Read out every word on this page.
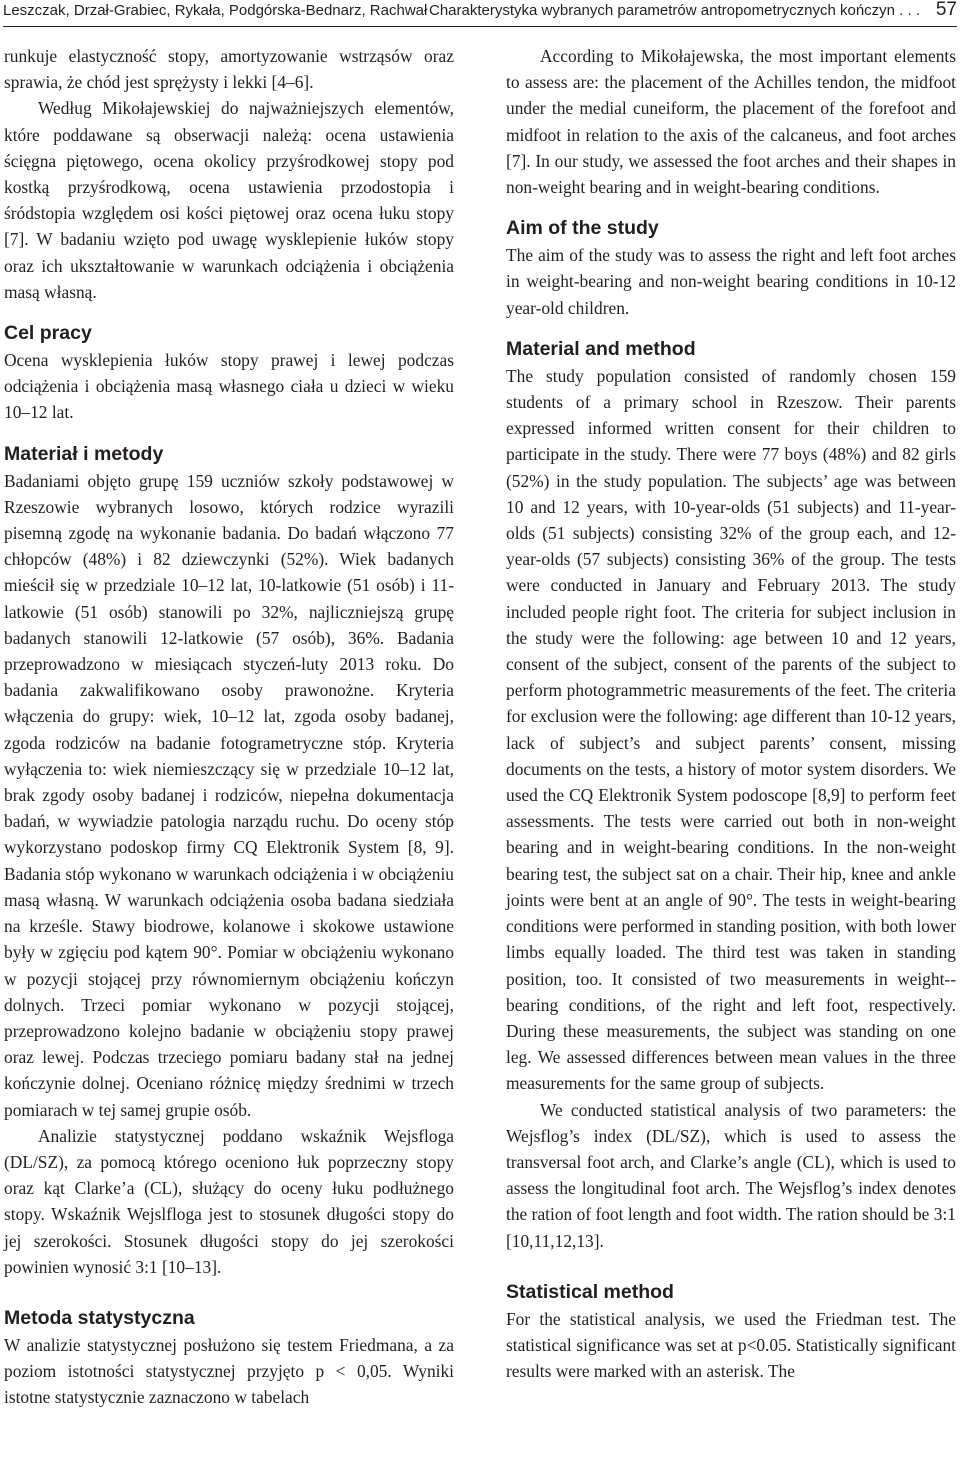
Leszczak, Drzał-Grabiec, Rykała, Podgórska-Bednarz, Rachwał Charakterystyka wybranych parametrów antropometrycznych kończyn . . . 57

runkuje elastyczność stopy, amortyzowanie wstrząsów oraz sprawia, że chód jest sprężysty i lekki [4‒6].

Według Mikołajewskiej do najważniejszych elementów, które poddawane są obserwacji należą: ocena ustawienia ścięgna piętowego, ocena okolicy przyśrodkowej stopy pod kostką przyśrodkową, ocena ustawienia przodostopia i śródstopia względem osi kości piętowej oraz ocena łuku stopy [7]. W badaniu wzięto pod uwagę wysklepienie łuków stopy oraz ich ukształtowanie w warunkach odciążenia i obciążenia masą własną.

Cel pracy

Ocena wysklepienia łuków stopy prawej i lewej podczas odciążenia i obciążenia masą własnego ciała u dzieci w wieku 10‒12 lat.

Materiał i metody

Badaniami objęto grupę 159 uczniów szkoły podstawowej w Rzeszowie wybranych losowo, których rodzice wyrazili pisemną zgodę na wykonanie badania. Do badań włączono 77 chłopców (48%) i 82 dziewczynki (52%). Wiek badanych mieścił się w przedziale 10‒12 lat, 10-latkowie (51 osób) i 11-latkowie (51 osób) stanowili po 32%, najliczniejszą grupę badanych stanowili 12-latkowie (57 osób), 36%. Badania przeprowadzono w miesiącach styczeń-luty 2013 roku. Do badania zakwalifikowano osoby prawonożne. Kryteria włączenia do grupy: wiek, 10‒12 lat, zgoda osoby badanej, zgoda rodziców na badanie fotogrametryczne stóp. Kryteria wyłączenia to: wiek niemieszczący się w przedziale 10‒12 lat, brak zgody osoby badanej i rodziców, niepełna dokumentacja badań, w wywiadzie patologia narządu ruchu. Do oceny stóp wykorzystano podoskop firmy CQ Elektronik System [8, 9]. Badania stóp wykonano w warunkach odciążenia i w obciążeniu masą własną. W warunkach odciążenia osoba badana siedziała na krześle. Stawy biodrowe, kolanowe i skokowe ustawione były w zgięciu pod kątem 90°. Pomiar w obciążeniu wykonano w pozycji stojącej przy równomiernym obciążeniu kończyn dolnych. Trzeci pomiar wykonano w pozycji stojącej, przeprowadzono kolejno badanie w obciążeniu stopy prawej oraz lewej. Podczas trzeciego pomiaru badany stał na jednej kończynie dolnej. Oceniano różnicę między średnimi w trzech pomiarach w tej samej grupie osób.

Analizie statystycznej poddano wskaźnik Wejsfloga (DL/SZ), za pomocą którego oceniono łuk poprzeczny stopy oraz kąt Clarke’a (CL), służący do oceny łuku podłużnego stopy. Wskaźnik Wejslfloga jest to stosunek długości stopy do jej szerokości. Stosunek długości stopy do jej szerokości powinien wynosić 3:1 [10‒13].

Metoda statystyczna

W analizie statystycznej posłużono się testem Friedmana, a za poziom istotności statystycznej przyjęto p < 0,05. Wyniki istotne statystycznie zaznaczono w tabelach

According to Mikołajewska, the most important elements to assess are: the placement of the Achilles tendon, the midfoot under the medial cuneiform, the placement of the forefoot and midfoot in relation to the axis of the calcaneus, and foot arches [7]. In our study, we assessed the foot arches and their shapes in non-weight bearing and in weight-bearing conditions.

Aim of the study

The aim of the study was to assess the right and left foot arches in weight-bearing and non-weight bearing conditions in 10-12 year-old children.

Material and method

The study population consisted of randomly chosen 159 students of a primary school in Rzeszow. Their parents expressed informed written consent for their children to participate in the study. There were 77 boys (48%) and 82 girls (52%) in the study population. The subjects’ age was between 10 and 12 years, with 10-year-olds (51 subjects) and 11-year-olds (51 subjects) consisting 32% of the group each, and 12-year-olds (57 subjects) consisting 36% of the group. The tests were conducted in January and February 2013. The study included people right foot. The criteria for subject inclusion in the study were the following: age between 10 and 12 years, consent of the subject, consent of the parents of the subject to perform photogrammetric measurements of the feet. The criteria for exclusion were the following: age different than 10-12 years, lack of subject’s and subject parents’ consent, missing documents on the tests, a history of motor system disorders. We used the CQ Elektronik System podoscope [8,9] to perform feet assessments. The tests were carried out both in non-weight bearing and in weight-bearing conditions. In the non-weight bearing test, the subject sat on a chair. Their hip, knee and ankle joints were bent at an angle of 90°. The tests in weight-bearing conditions were performed in standing position, with both lower limbs equally loaded. The third test was taken in standing position, too. It consisted of two measurements in weight--bearing conditions, of the right and left foot, respectively. During these measurements, the subject was standing on one leg. We assessed differences between mean values in the three measurements for the same group of subjects.

We conducted statistical analysis of two parameters: the Wejsflog’s index (DL/SZ), which is used to assess the transversal foot arch, and Clarke’s angle (CL), which is used to assess the longitudinal foot arch. The Wejsflog’s index denotes the ration of foot length and foot width. The ration should be 3:1 [10,11,12,13].

Statistical method

For the statistical analysis, we used the Friedman test. The statistical significance was set at p<0.05. Statistically significant results were marked with an asterisk. The
